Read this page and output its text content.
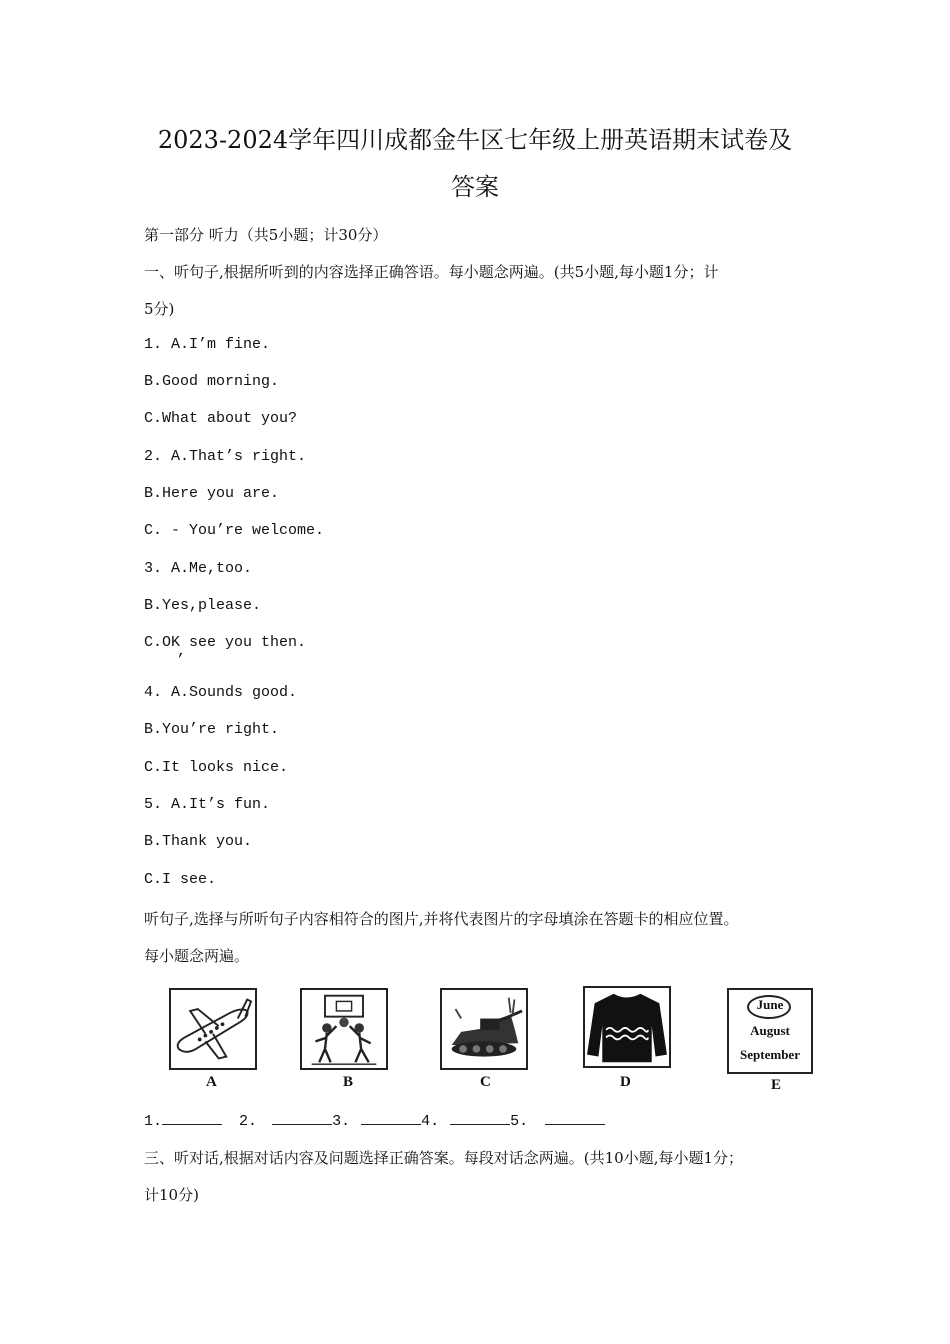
2023-2024学年四川成都金牛区七年级上册英语期末试卷及
答案
第一部分 听力（共5小题；计30分）
一、听句子,根据所听到的内容选择正确答语。每小题念两遍。(共5小题,每小题1分；计
5分)
1. A.I’m fine.
B.Good morning.
C.What about you?
2. A.That’s right.
B.Here you are.
C. - You’re welcome.
3. A.Me,too.
B.Yes,please.
C.OK see you then.
’
4. A.Sounds good.
B.You’re right.
C.It looks nice.
5. A.It’s fun.
B.Thank you.
C.I see.
听句子,选择与所听句子内容相符合的图片,并将代表图片的字母填涂在答题卡的相应位置。
每小题念两遍。
A	B	C	D
June
August
September
E
1.	2.	3.	4.	5.
三、听对话,根据对话内容及问题选择正确答案。每段对话念两遍。(共10小题,每小题1分；
计10分)
